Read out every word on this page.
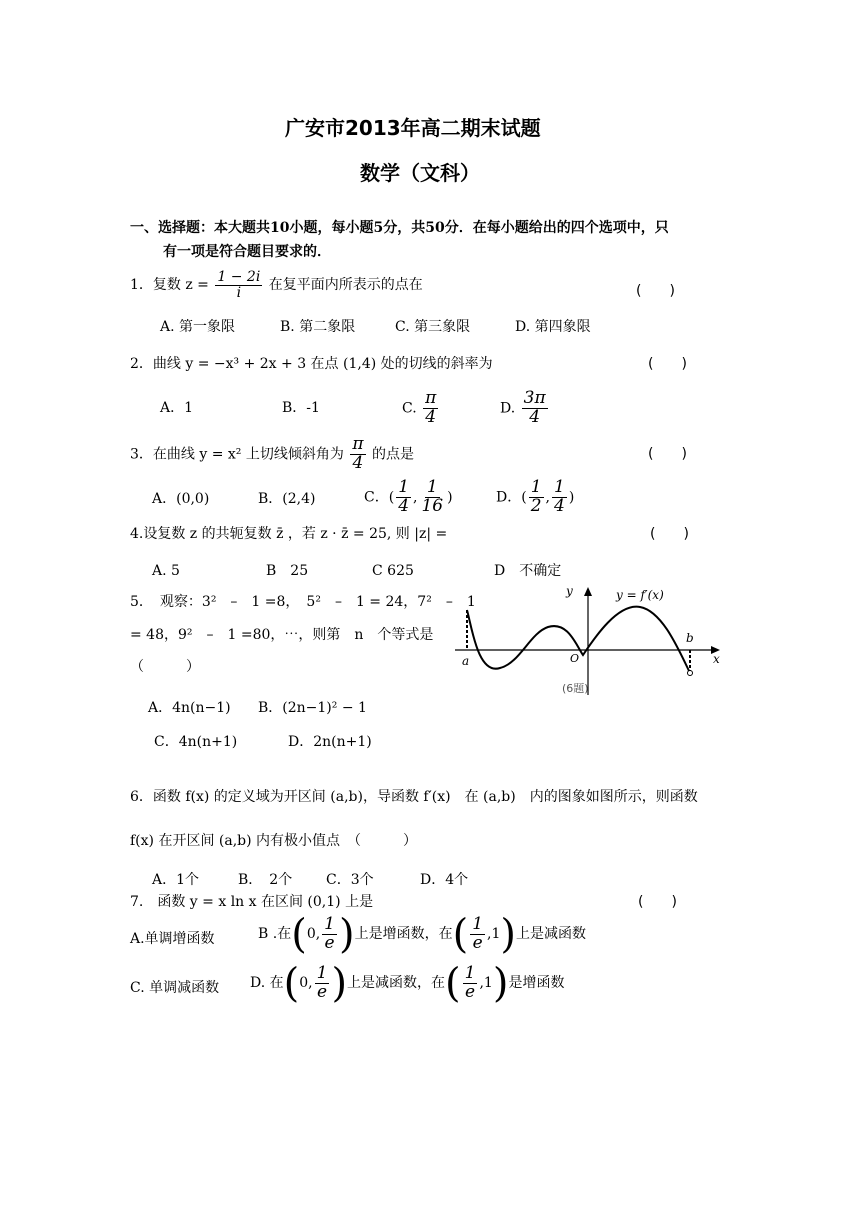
广安市2013年高二期末试题
数学（文科）
一、选择题：本大题共10小题，每小题5分，共50分．在每小题给出的四个选项中，只
有一项是符合题目要求的．
1．复数 $z = \frac{1 - 2i}{i}$ 在复平面内所表示的点在	(　　)
A. 第一象限	B. 第二象限	C. 第三象限	D. 第四象限
2．曲线 y = −x³ + 2x + 3 在点 (1,4) 处的切线的斜率为	(　　)
A．1	B．-1	C. $\frac{\pi}{4}$	D. $\frac{3\pi}{4}$
3．在曲线 y = x² 上切线倾斜角为 $\frac{\pi}{4}$ 的点是	(　　)
A．(0,0)	B．(2,4)	C．( $\frac{1}{4}$ , $\frac{1}{16}$ )	D．( $\frac{1}{2}$ , $\frac{1}{4}$ )
4.设复数 z 的共轭复数 z̄ ，若 z · z̄ = 25, 则 |z| =	(　　)
A. 5	B　25	C 625	D　不确定
5．　观察：3²　–　1 =8，　5²　–　1 = 24，7²　–　1
= 48，9²　–　1 =80，⋯，则第　n　个等式是
（　　　）
A．4n(n−1) B．(2n−1)² − 1
C．4n(n+1)	D．2n(n+1)
y
x
O
a
b
y = f′(x)
(6题)
6．函数 f(x) 的定义域为开区间 (a,b)，导函数 f′(x)　在 (a,b)　内的图象如图所示，则函数
f(x) 在开区间 (a,b) 内有极小值点　（　　　）
A．1个	B．　2个 C．3个	D．4个
7.　函数 y = x ln x 在区间 (0,1) 上是	(　　)
A.单调增函数	B .在(0, $\frac{1}{e}$ )上是增函数，在( $\frac{1}{e} ,1$)上是减函数
C. 单调减函数 D. 在(0, $\frac{1}{e}$ )上是减函数，在( $\frac{1}{e} ,1$)是增函数
